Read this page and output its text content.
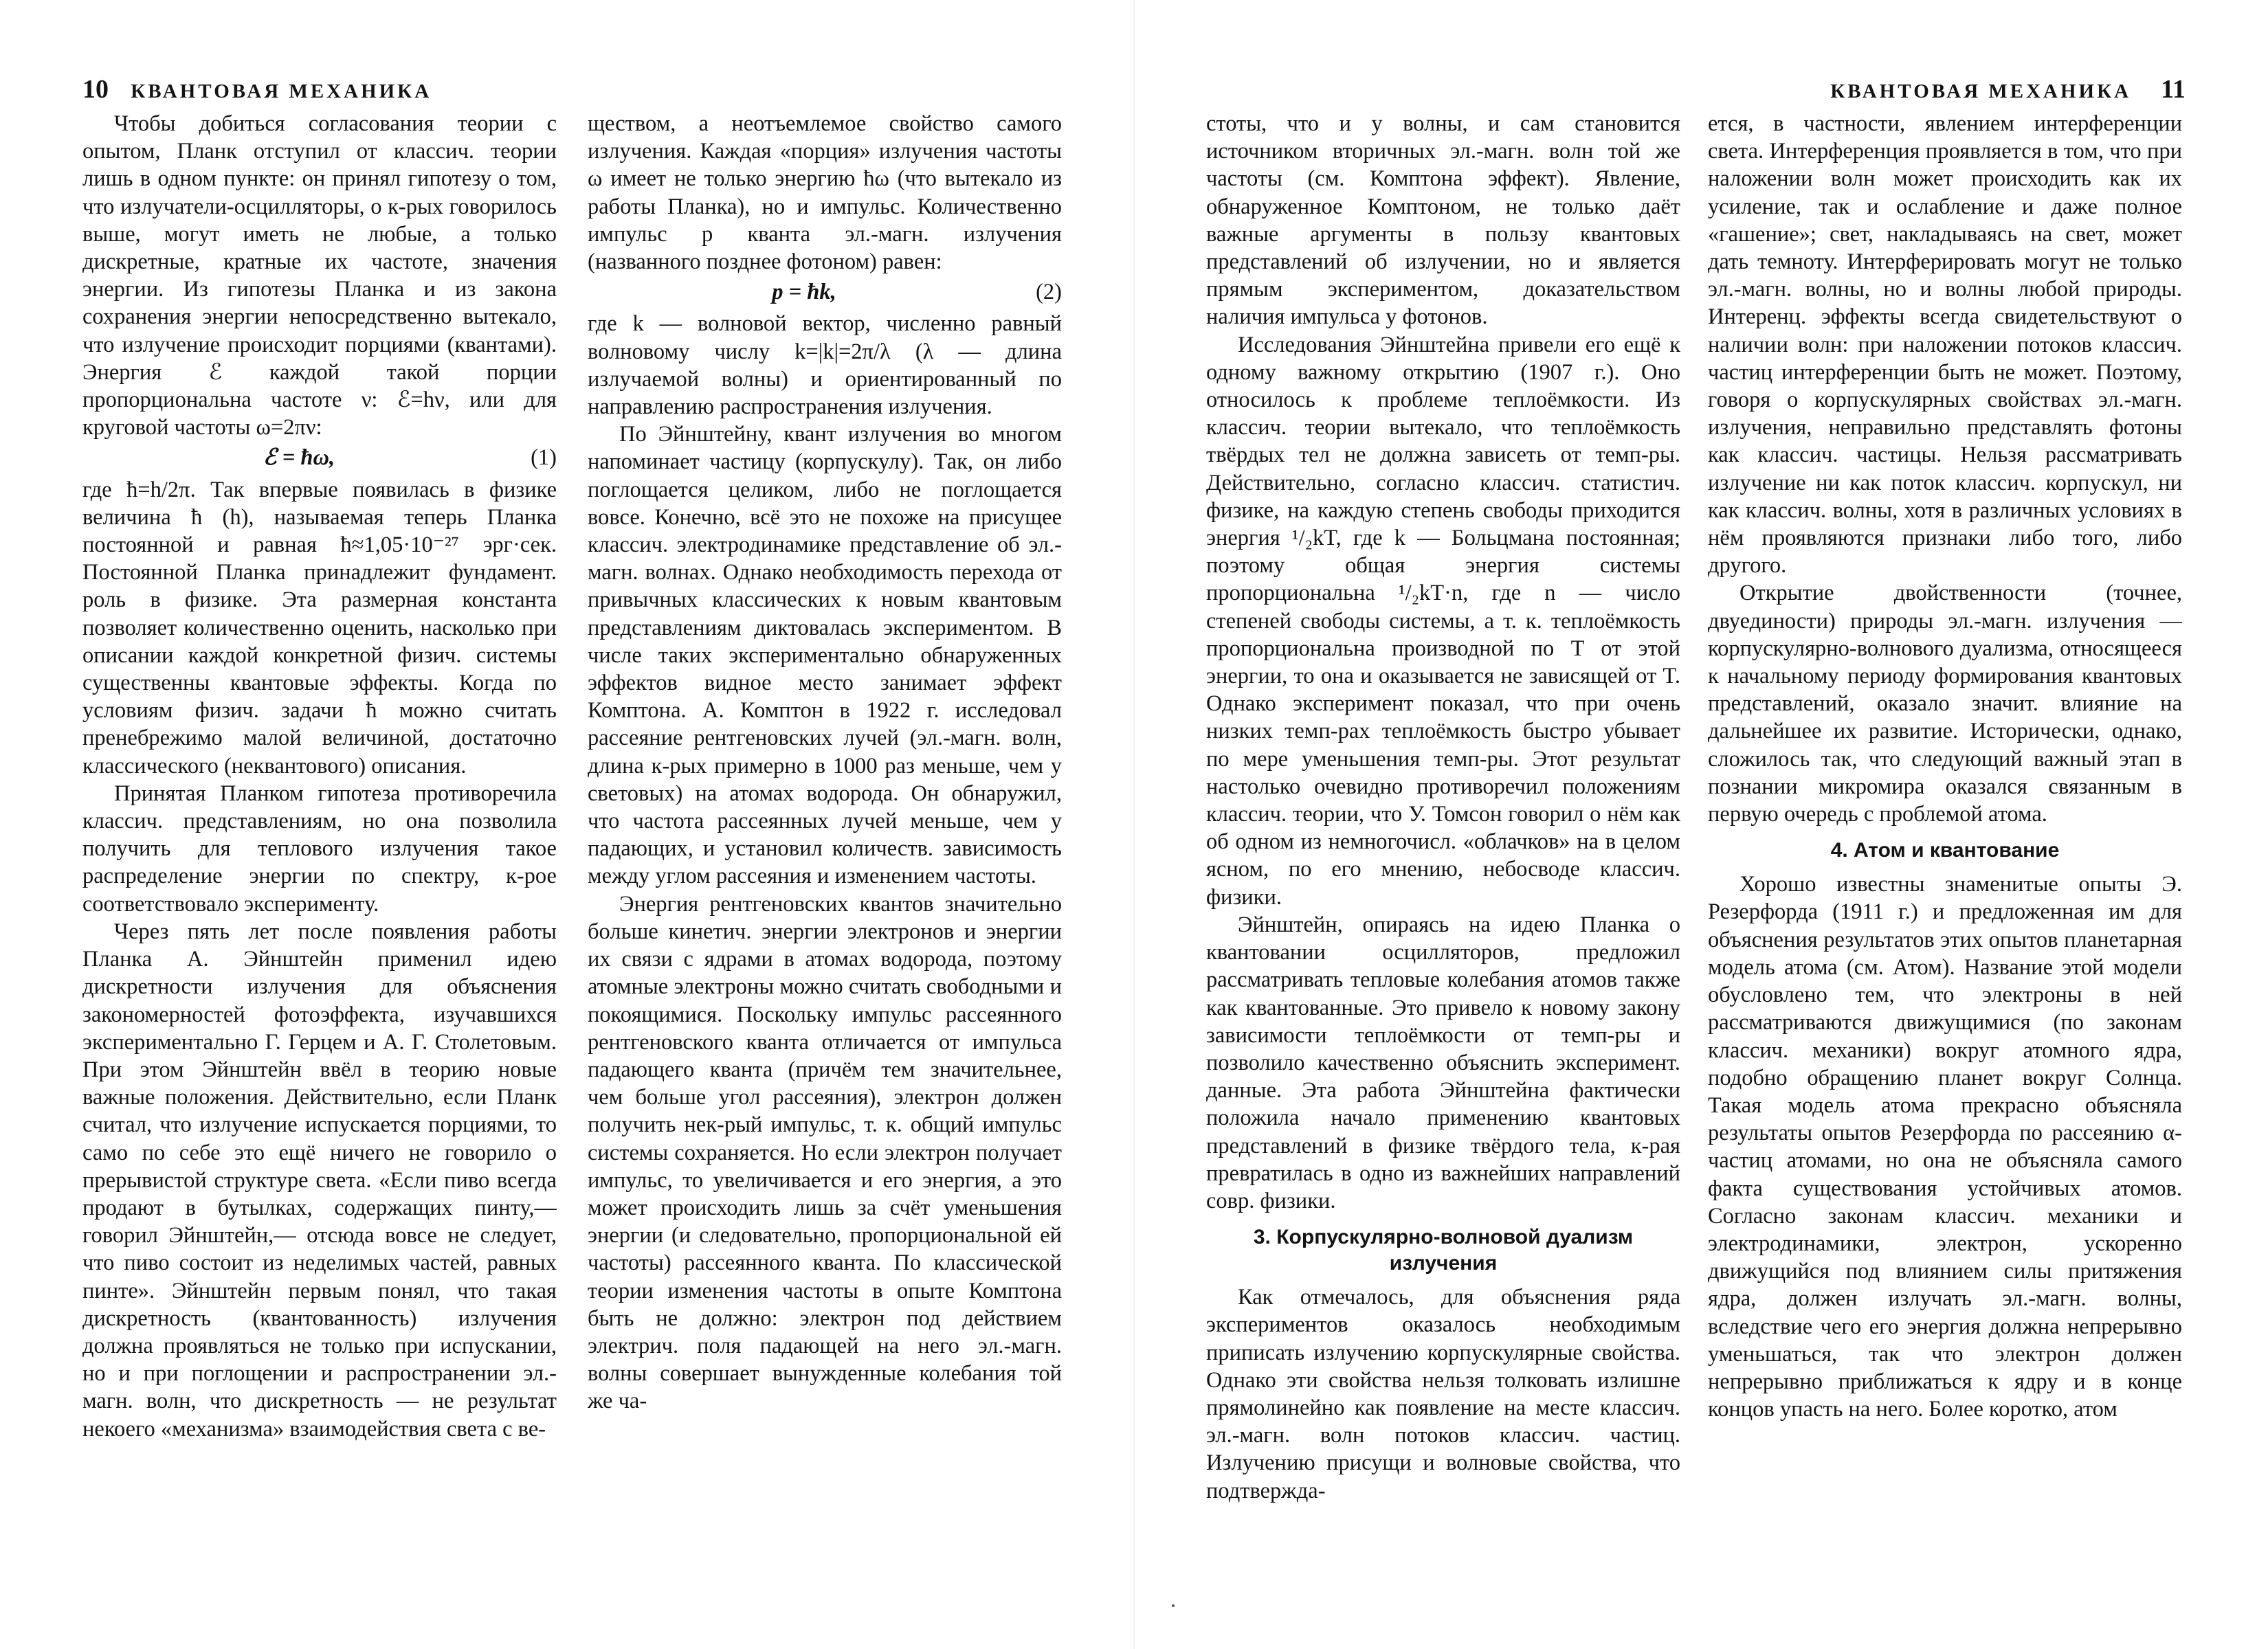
10 КВАНТОВАЯ МЕХАНИКА

Чтобы добиться согласования теории с опытом, Планк отступил от классич. теории лишь в одном пункте: он принял гипотезу о том, что излучатели-осцилляторы, о к-рых говорилось выше, могут иметь не любые, а только дискретные, кратные их частоте, значения энергии. Из гипотезы Планка и из закона сохранения энергии непосредственно вытекало, что излучение происходит порциями (квантами). Энергия ℰ каждой такой порции пропорциональна частоте ν: ℰ=hν, или для круговой частоты ω=2πν:

ℰ = ħω,	(1)

где ħ=h/2π. Так впервые появилась в физике величина ħ (h), называемая теперь Планка постоянной и равная ħ≈1,05·10⁻²⁷ эрг·сек. Постоянной Планка принадлежит фундамент. роль в физике. Эта размерная константа позволяет количественно оценить, насколько при описании каждой конкретной физич. системы существенны квантовые эффекты. Когда по условиям физич. задачи ħ можно считать пренебрежимо малой величиной, достаточно классического (неквантового) описания.

Принятая Планком гипотеза противоречила классич. представлениям, но она позволила получить для теплового излучения такое распределение энергии по спектру, к-рое соответствовало эксперименту.

Через пять лет после появления работы Планка А. Эйнштейн применил идею дискретности излучения для объяснения закономерностей фотоэффекта, изучавшихся экспериментально Г. Герцем и А. Г. Столетовым. При этом Эйнштейн ввёл в теорию новые важные положения. Действительно, если Планк считал, что излучение испускается порциями, то само по себе это ещё ничего не говорило о прерывистой структуре света. «Если пиво всегда продают в бутылках, содержащих пинту,— говорил Эйнштейн,— отсюда вовсе не следует, что пиво состоит из неделимых частей, равных пинте». Эйнштейн первым понял, что такая дискретность (квантованность) излучения должна проявляться не только при испускании, но и при поглощении и распространении эл.-магн. волн, что дискретность — не результат некоего «механизма» взаимодействия света с ве-

ществом, а неотъемлемое свойство самого излучения. Каждая «порция» излучения частоты ω имеет не только энергию ħω (что вытекало из работы Планка), но и импульс. Количественно импульс p кванта эл.-магн. излучения (названного позднее фотоном) равен:

p = ħk,	(2)

где k — волновой вектор, численно равный волновому числу k=|k|=2π/λ (λ — длина излучаемой волны) и ориентированный по направлению распространения излучения.

По Эйнштейну, квант излучения во многом напоминает частицу (корпускулу). Так, он либо поглощается целиком, либо не поглощается вовсе. Конечно, всё это не похоже на присущее классич. электродинамике представление об эл.-магн. волнах. Однако необходимость перехода от привычных классических к новым квантовым представлениям диктовалась экспериментом. В числе таких экспериментально обнаруженных эффектов видное место занимает эффект Комптона. А. Комптон в 1922 г. исследовал рассеяние рентгеновских лучей (эл.-магн. волн, длина к-рых примерно в 1000 раз меньше, чем у световых) на атомах водорода. Он обнаружил, что частота рассеянных лучей меньше, чем у падающих, и установил количеств. зависимость между углом рассеяния и изменением частоты.

Энергия рентгеновских квантов значительно больше кинетич. энергии электронов и энергии их связи с ядрами в атомах водорода, поэтому атомные электроны можно считать свободными и покоящимися. Поскольку импульс рассеянного рентгеновского кванта отличается от импульса падающего кванта (причём тем значительнее, чем больше угол рассеяния), электрон должен получить нек-рый импульс, т. к. общий импульс системы сохраняется. Но если электрон получает импульс, то увеличивается и его энергия, а это может происходить лишь за счёт уменьшения энергии (и следовательно, пропорциональной ей частоты) рассеянного кванта. По классической теории изменения частоты в опыте Комптона быть не должно: электрон под действием электрич. поля падающей на него эл.-магн. волны совершает вынужденные колебания той же ча-

КВАНТОВАЯ МЕХАНИКА 11

стоты, что и у волны, и сам становится источником вторичных эл.-магн. волн той же частоты (см. Комптона эффект). Явление, обнаруженное Комптоном, не только даёт важные аргументы в пользу квантовых представлений об излучении, но и является прямым экспериментом, доказательством наличия импульса у фотонов.

Исследования Эйнштейна привели его ещё к одному важному открытию (1907 г.). Оно относилось к проблеме теплоёмкости. Из классич. теории вытекало, что теплоёмкость твёрдых тел не должна зависеть от темп-ры. Действительно, согласно классич. статистич. физике, на каждую степень свободы приходится энергия ¹/₂kT, где k — Больцмана постоянная; поэтому общая энергия системы пропорциональна ¹/₂kT·n, где n — число степеней свободы системы, а т. к. теплоёмкость пропорциональна производной по T от этой энергии, то она и оказывается не зависящей от T. Однако эксперимент показал, что при очень низких темп-рах теплоёмкость быстро убывает по мере уменьшения темп-ры. Этот результат настолько очевидно противоречил положениям классич. теории, что У. Томсон говорил о нём как об одном из немногочисл. «облачков» на в целом ясном, по его мнению, небосводе классич. физики.

Эйнштейн, опираясь на идею Планка о квантовании осцилляторов, предложил рассматривать тепловые колебания атомов также как квантованные. Это привело к новому закону зависимости теплоёмкости от темп-ры и позволило качественно объяснить эксперимент. данные. Эта работа Эйнштейна фактически положила начало применению квантовых представлений в физике твёрдого тела, к-рая превратилась в одно из важнейших направлений совр. физики.

3. Корпускулярно-волновой дуализм излучения

Как отмечалось, для объяснения ряда экспериментов оказалось необходимым приписать излучению корпускулярные свойства. Однако эти свойства нельзя толковать излишне прямолинейно как появление на месте классич. эл.-магн. волн потоков классич. частиц. Излучению присущи и волновые свойства, что подтвержда-

ется, в частности, явлением интерференции света. Интерференция проявляется в том, что при наложении волн может происходить как их усиление, так и ослабление и даже полное «гашение»; свет, накладываясь на свет, может дать темноту. Интерферировать могут не только эл.-магн. волны, но и волны любой природы. Интеренц. эффекты всегда свидетельствуют о наличии волн: при наложении потоков классич. частиц интерференции быть не может. Поэтому, говоря о корпускулярных свойствах эл.-магн. излучения, неправильно представлять фотоны как классич. частицы. Нельзя рассматривать излучение ни как поток классич. корпускул, ни как классич. волны, хотя в различных условиях в нём проявляются признаки либо того, либо другого.

Открытие двойственности (точнее, двуединости) природы эл.-магн. излучения — корпускулярно-волнового дуализма, относящееся к начальному периоду формирования квантовых представлений, оказало значит. влияние на дальнейшее их развитие. Исторически, однако, сложилось так, что следующий важный этап в познании микромира оказался связанным в первую очередь с проблемой атома.

4. Атом и квантование

Хорошо известны знаменитые опыты Э. Резерфорда (1911 г.) и предложенная им для объяснения результатов этих опытов планетарная модель атома (см. Атом). Название этой модели обусловлено тем, что электроны в ней рассматриваются движущимися (по законам классич. механики) вокруг атомного ядра, подобно обращению планет вокруг Солнца. Такая модель атома прекрасно объясняла результаты опытов Резерфорда по рассеянию α-частиц атомами, но она не объясняла самого факта существования устойчивых атомов. Согласно законам классич. механики и электродинамики, электрон, ускоренно движущийся под влиянием силы притяжения ядра, должен излучать эл.-магн. волны, вследствие чего его энергия должна непрерывно уменьшаться, так что электрон должен непрерывно приближаться к ядру и в конце концов упасть на него. Более коротко, атом
